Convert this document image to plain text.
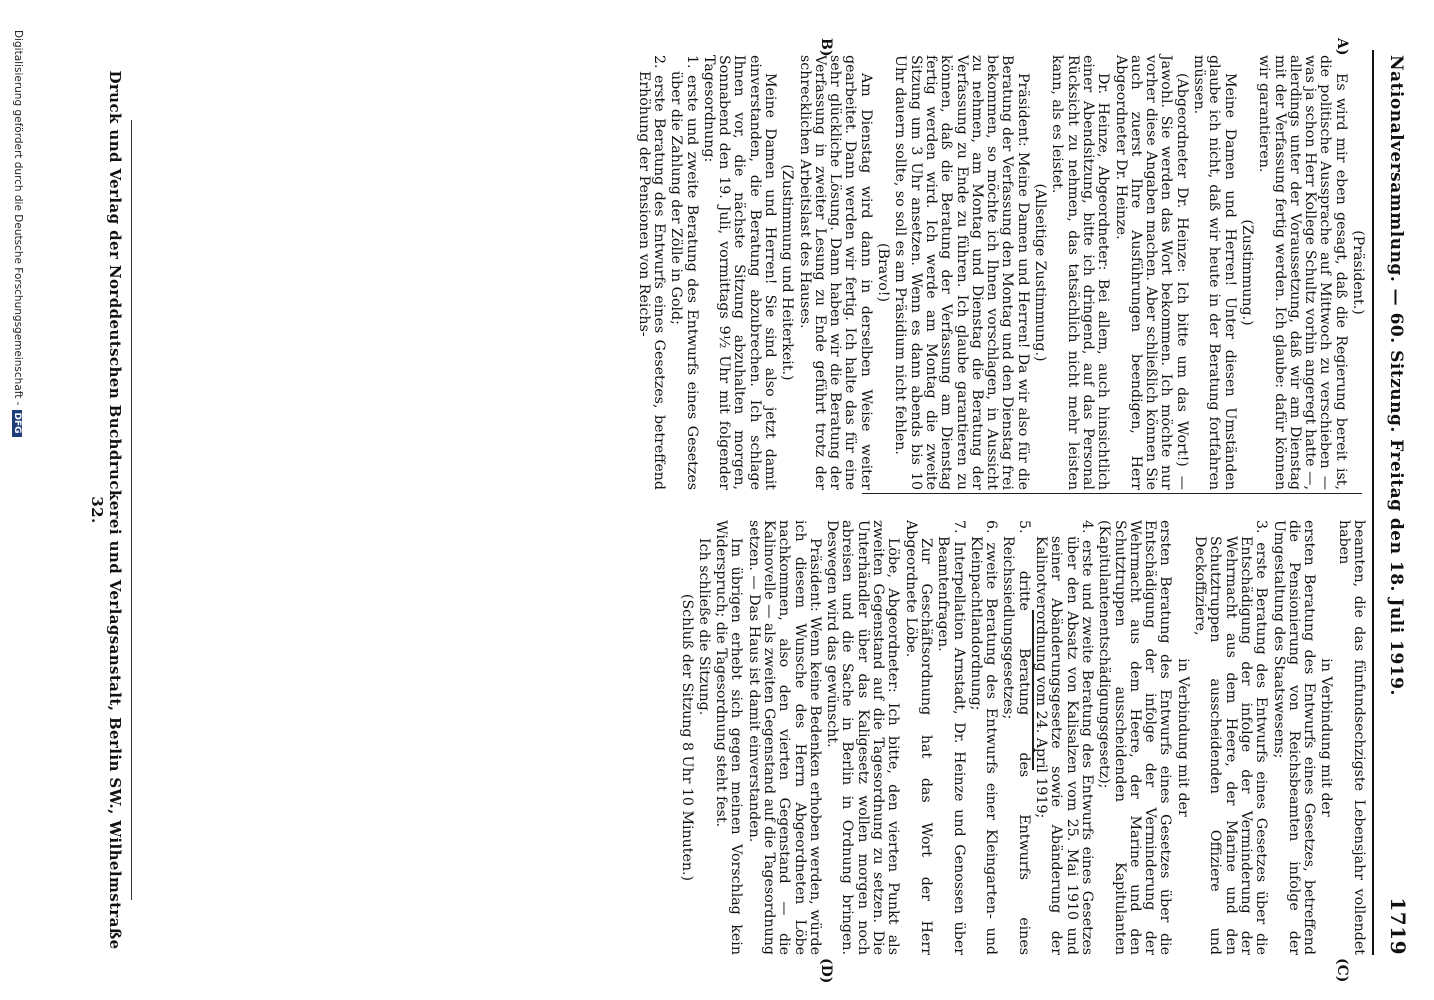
Nationalversammlung. — 60. Sitzung. Freitag den 18. Juli 1919.
1719
A)
B)
(C)
(D)

(Präsident.)

Es wird mir eben gesagt, daß die Regierung bereit ist, die politische Aussprache auf Mittwoch zu verschieben — was ja schon Herr Kollege Schultz vorhin angeregt hatte —, allerdings unter der Voraussetzung, daß wir am Dienstag mit der Verfassung fertig werden. Ich glaube: dafür können wir garantieren.

(Zustimmung.)

Meine Damen und Herren! Unter diesen Umständen glaube ich nicht, daß wir heute in der Beratung fortfahren müssen.

(Abgeordneter Dr. Heinze: Ich bitte um das Wort!) — Jawohl. Sie werden das Wort bekommen. Ich möchte nur vorher diese Angaben machen. Aber schließlich können Sie auch zuerst Ihre Ausführungen beendigen, Herr Abgeordneter Dr. Heinze.

Dr. Heinze, Abgeordneter: Bei allem, auch hinsichtlich einer Abendsitzung, bitte ich dringend, auf das Personal Rücksicht zu nehmen, das tatsächlich nicht mehr leisten kann, als es leistet.

(Allseitige Zustimmung.)

Präsident: Meine Damen und Herren! Da wir also für die Beratung der Verfassung den Montag und den Dienstag frei bekommen, so möchte ich Ihnen vorschlagen, in Aussicht zu nehmen, am Montag und Dienstag die Beratung der Verfassung zu Ende zu führen. Ich glaube garantieren zu können, daß die Beratung der Verfassung am Dienstag fertig werden wird. Ich werde am Montag die zweite Sitzung um 3 Uhr ansetzen. Wenn es dann abends bis 10 Uhr dauern sollte, so soll es am Präsidium nicht fehlen.

(Bravo!)

Am Dienstag wird dann in derselben Weise weiter gearbeitet. Dann werden wir fertig. Ich halte das für eine sehr glückliche Lösung. Dann haben wir die Beratung der Verfassung in zweiter Lesung zu Ende geführt trotz der schrecklichen Arbeitslast des Hauses.

(Zustimmung und Heiterkeit.)

Meine Damen und Herren! Sie sind also jetzt damit einverstanden, die Beratung abzubrechen. Ich schlage Ihnen vor, die nächste Sitzung abzuhalten morgen, Sonnabend den 19. Juli, vormittags 9½ Uhr mit folgender Tagesordnung:

1. erste und zweite Beratung des Entwurfs eines Gesetzes über die Zahlung der Zölle in Gold;

2. erste Beratung des Entwurfs eines Gesetzes, betreffend Erhöhung der Pensionen von Reichs-

beamten, die das fünfundsechzigste Lebensjahr vollendet haben

in Verbindung mit der

ersten Beratung des Entwurfs eines Gesetzes, betreffend die Pensionierung von Reichsbeamten infolge der Umgestaltung des Staatswesens;

3. erste Beratung des Entwurfs eines Gesetzes über die Entschädigung der infolge der Verminderung der Wehrmacht aus dem Heere, der Marine und den Schutztruppen ausscheidenden Offiziere und Deckoffiziere,

in Verbindung mit der

ersten Beratung des Entwurfs eines Gesetzes über die Entschädigung der infolge der Verminderung der Wehrmacht aus dem Heere, der Marine und den Schutztruppen ausscheidenden Kapitulanten (Kapitulantenentschädigungsgesetz);

4. erste und zweite Beratung des Entwurfs eines Gesetzes über den Absatz von Kalisalzen vom 25. Mai 1910 und seiner Abänderungsgesetze sowie Abänderung der Kalinotverordnung vom 24. April 1919;

5. dritte Beratung des Entwurfs eines Reichssiedlungsgesetzes;

6. zweite Beratung des Entwurfs einer Kleingarten- und Kleinpachtlandordnung;

7. Interpellation Arnstadt, Dr. Heinze und Genossen über Beamtenfragen.

Zur Geschäftsordnung hat das Wort der Herr Abgeordnete Löbe.

Löbe, Abgeordneter: Ich bitte, den vierten Punkt als zweiten Gegenstand auf die Tagesordnung zu setzen. Die Unterhändler über das Kaligesetz wollen morgen noch abreisen und die Sache in Berlin in Ordnung bringen. Deswegen wird das gewünscht.

Präsident: Wenn keine Bedenken erhoben werden, würde ich diesem Wunsche des Herrn Abgeordneten Löbe nachkommen, also den vierten Gegenstand — die Kalinovelle — als zweiten Gegenstand auf die Tagesordnung setzen. — Das Haus ist damit einverstanden.

Im übrigen erhebt sich gegen meinen Vorschlag kein Widerspruch; die Tagesordnung steht fest.

Ich schließe die Sitzung.

(Schluß der Sitzung 8 Uhr 10 Minuten.)

Druck und Verlag der Norddeutschen Buchdruckerei und Verlagsanstalt, Berlin SW., Wilhelmstraße 32.
Digitalisierung gefördert durch die Deutsche Forschungsgemeinschaft -DFG
